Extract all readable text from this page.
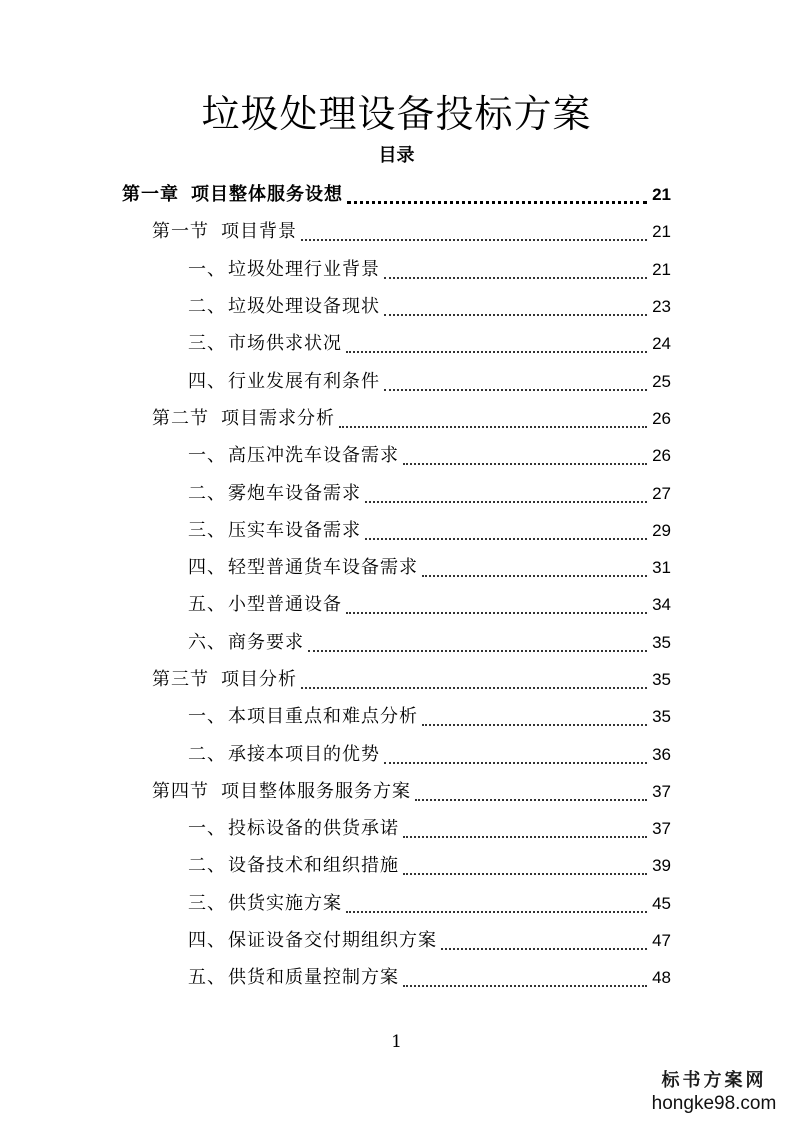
垃圾处理设备投标方案
目录
第一章 项目整体服务设想	21
第一节 项目背景	21
一、 垃圾处理行业背景	21
二、 垃圾处理设备现状	23
三、 市场供求状况	24
四、 行业发展有利条件	25
第二节 项目需求分析	26
一、 高压冲洗车设备需求	26
二、 雾炮车设备需求	27
三、 压实车设备需求	29
四、 轻型普通货车设备需求	31
五、 小型普通设备	34
六、 商务要求	35
第三节 项目分析	35
一、 本项目重点和难点分析	35
二、 承接本项目的优势	36
第四节 项目整体服务服务方案	37
一、 投标设备的供货承诺	37
二、 设备技术和组织措施	39
三、 供货实施方案	45
四、 保证设备交付期组织方案	47
五、 供货和质量控制方案	48
1
标书方案网
hongke98.com
